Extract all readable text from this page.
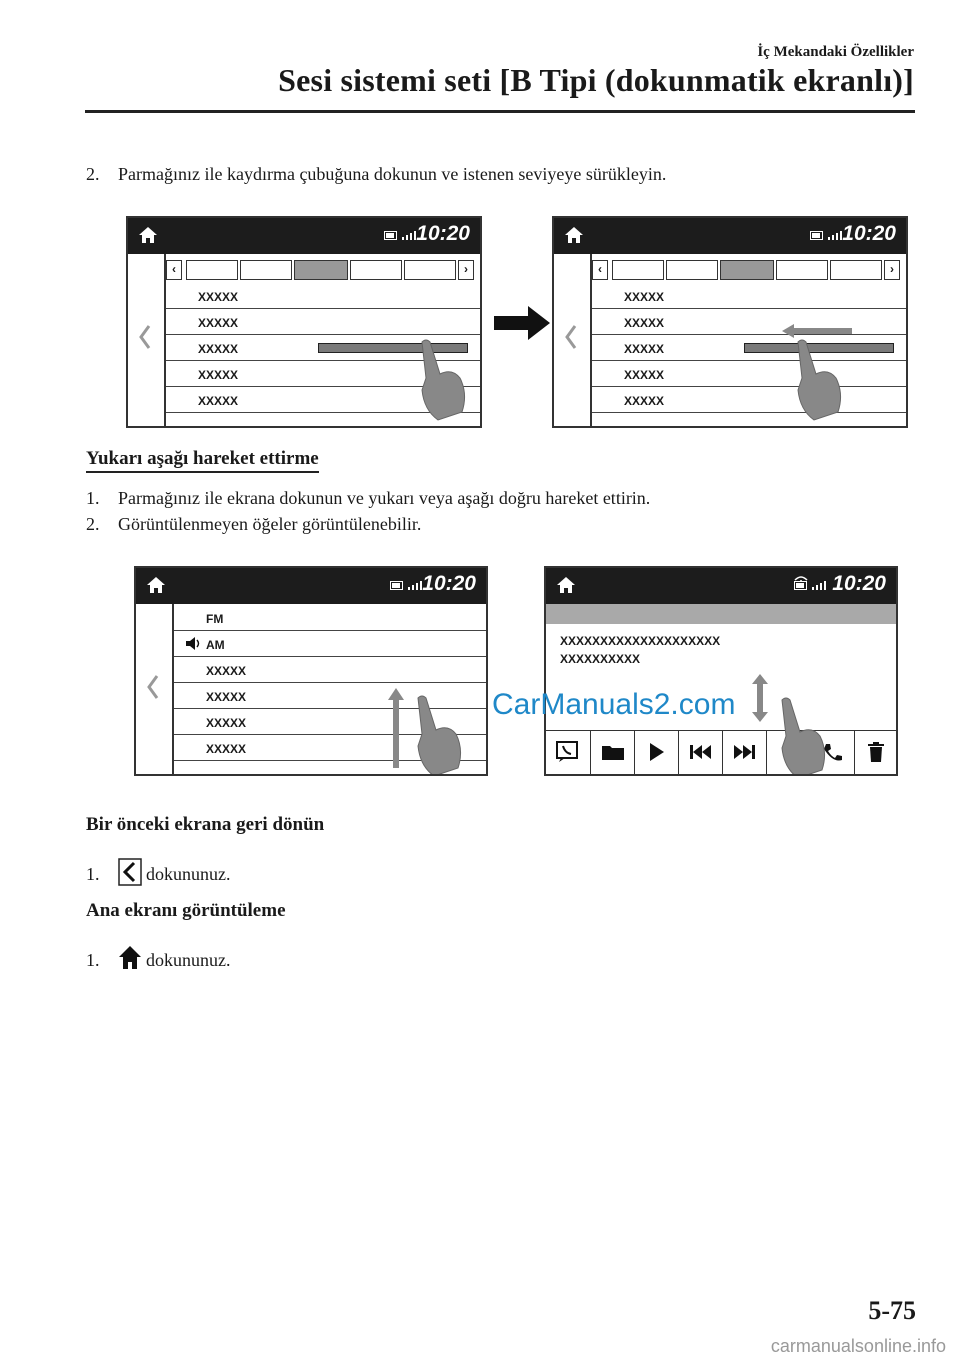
İç Mekandaki Özellikler
Sesi sistemi seti [B Tipi (dokunmatik ekranlı)]
2. Parmağınız ile kaydırma çubuğuna dokunun ve istenen seviyeye sürükleyin.
10:20
‹	›
XXXXX
XXXXX
XXXXX
XXXXX
XXXXX
10:20
‹	›
XXXXX
XXXXX
XXXXX
XXXXX
XXXXX
Yukarı aşağı hareket ettirme
1. Parmağınız ile ekrana dokunun ve yukarı veya aşağı doğru hareket ettirin.
2. Görüntülenmeyen öğeler görüntülenebilir.
10:20
FM
AM
XXXXX
XXXXX
XXXXX
XXXXX
10:20
XXXXXXXXXXXXXXXXXXXX
XXXXXXXXXX
CarManuals2.com
Bir önceki ekrana geri dönün
1.	dokununuz.
Ana ekranı görüntüleme
1.	dokununuz.
5-75
carmanualsonline.info
